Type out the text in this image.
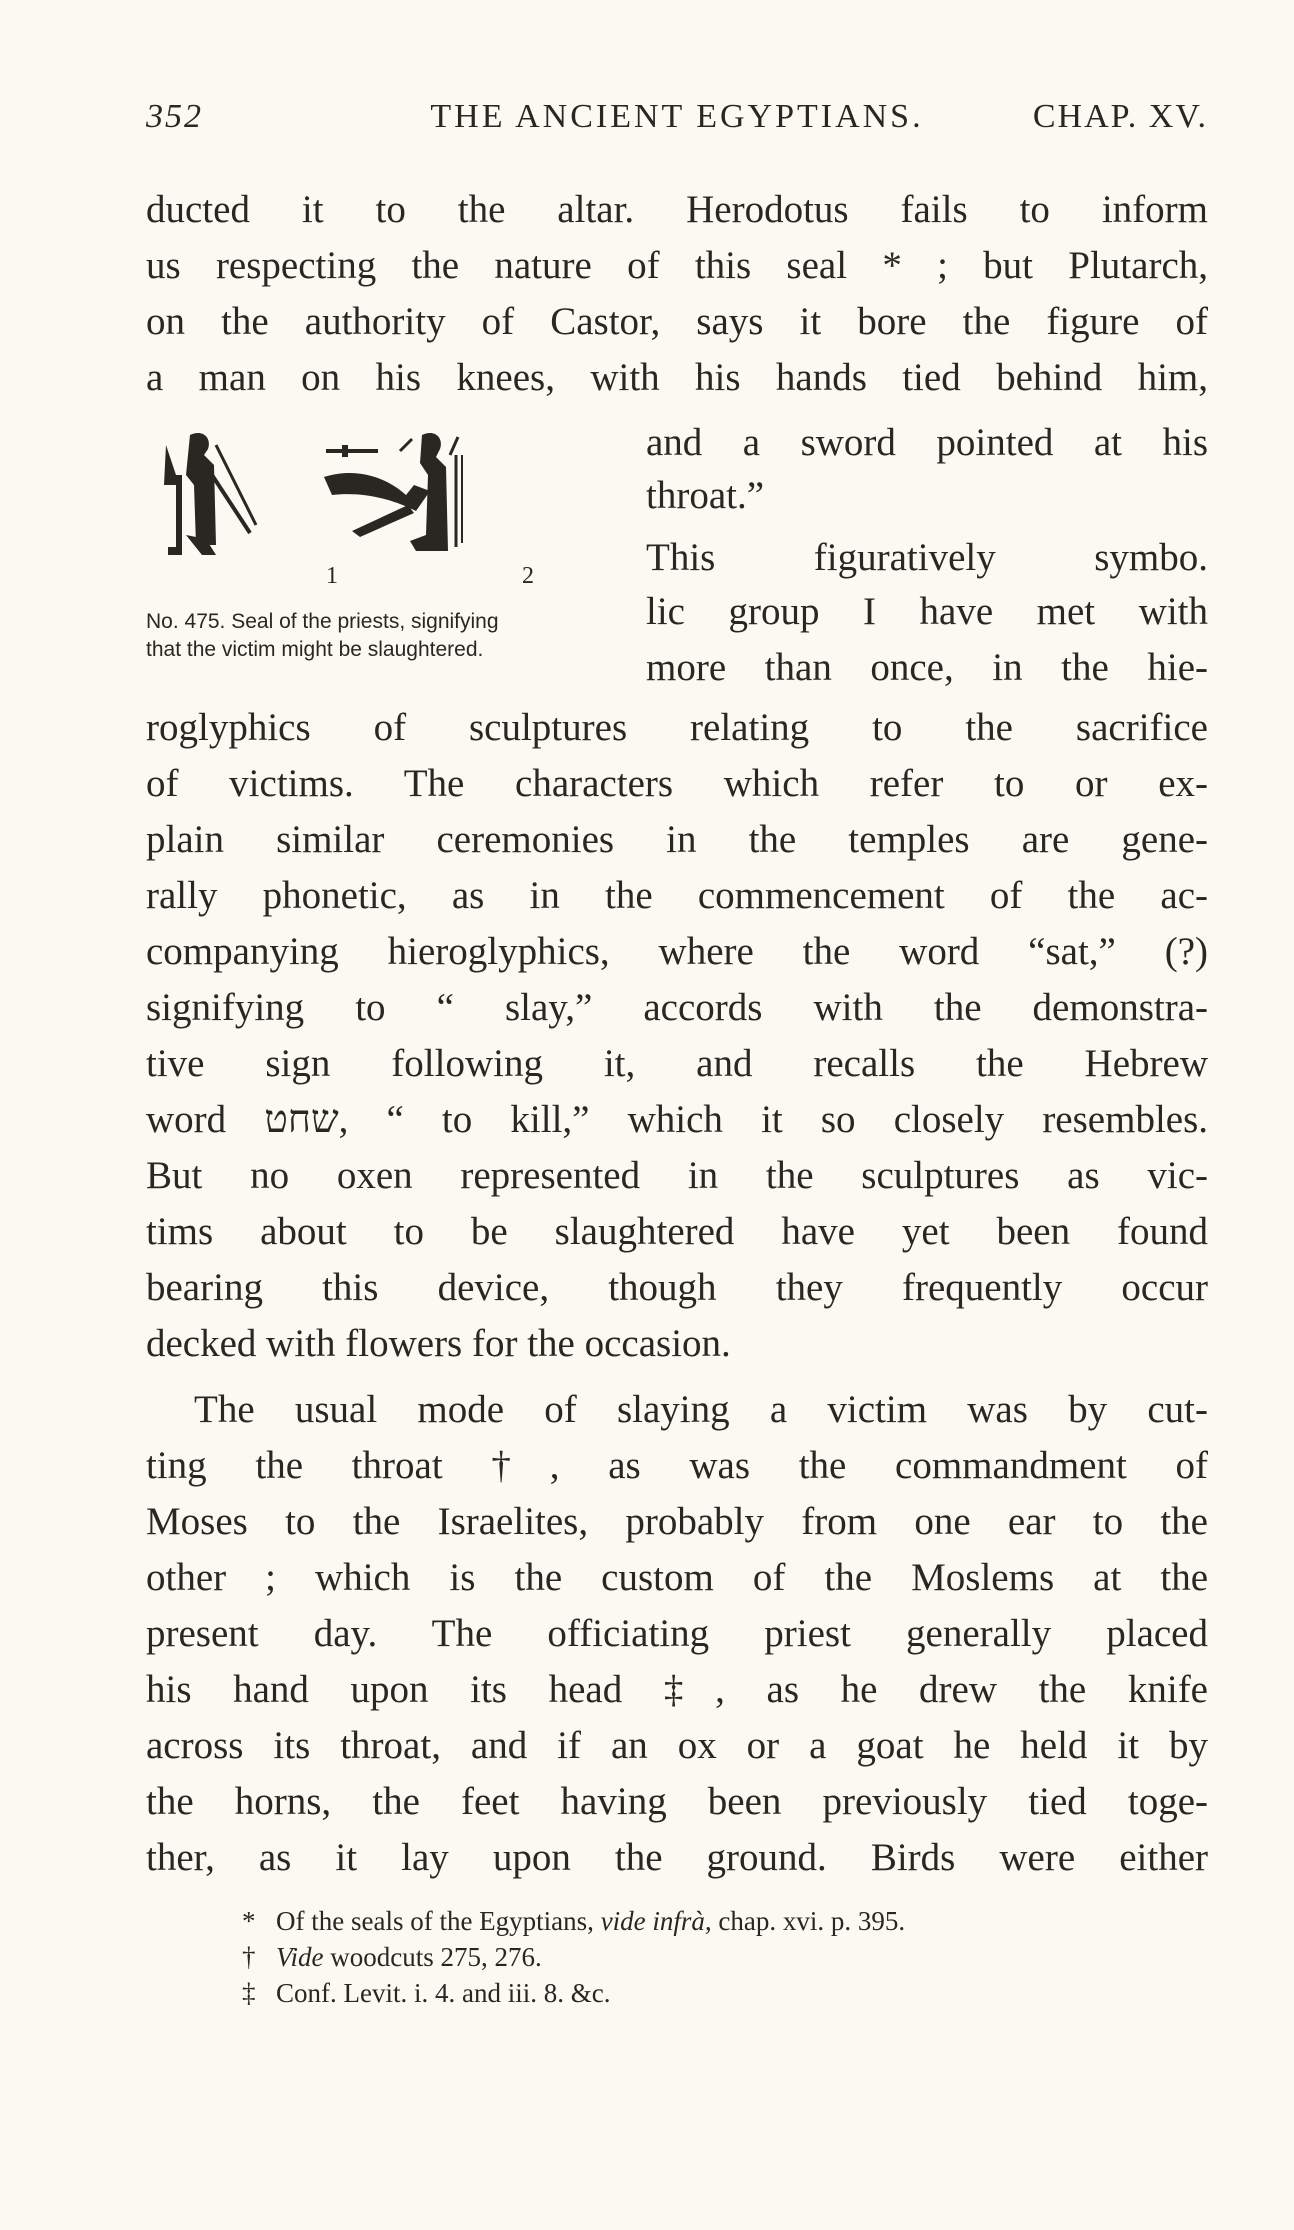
352	THE ANCIENT EGYPTIANS.	CHAP. XV.
ducted it to the altar. Herodotus fails to inform
us respecting the nature of this seal * ; but Plutarch,
on the authority of Castor, says it bore the figure of
a man on his knees, with his hands tied behind him,
and a sword pointed at his
throat.”
This figuratively symbo.
lic group I have met with
more than once, in the hie-
1	2
No. 475. Seal of the priests, signifying
that the victim might be slaughtered.
roglyphics of sculptures relating to the sacrifice
of victims. The characters which refer to or ex-
plain similar ceremonies in the temples are gene-
rally phonetic, as in the commencement of the ac-
companying hieroglyphics, where the word “sat,” (?)
signifying to “ slay,” accords with the demonstra-
tive sign following it, and recalls the Hebrew
word שחט, “ to kill,” which it so closely resembles.
But no oxen represented in the sculptures as vic-
tims about to be slaughtered have yet been found
bearing this device, though they frequently occur
decked with flowers for the occasion.
The usual mode of slaying a victim was by cut-
ting the throat †, as was the commandment of
Moses to the Israelites, probably from one ear to the
other ; which is the custom of the Moslems at the
present day. The officiating priest generally placed
his hand upon its head ‡, as he drew the knife
across its throat, and if an ox or a goat he held it by
the horns, the feet having been previously tied toge-
ther, as it lay upon the ground. Birds were either
* Of the seals of the Egyptians, vide infrà, chap. xvi. p. 395.
† Vide woodcuts 275, 276.
‡ Conf. Levit. i. 4. and iii. 8. &c.
